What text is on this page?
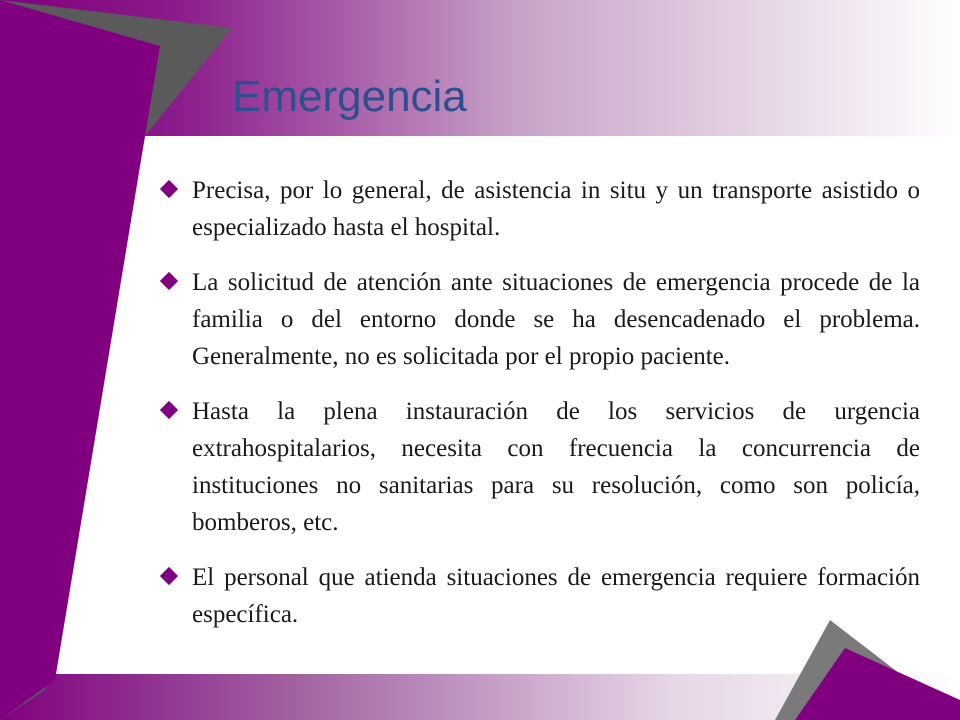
Emergencia
Precisa, por lo general, de asistencia in situ y un transporte asistido o especializado hasta el hospital.
La solicitud de atención ante situaciones de emergencia procede de la familia o del entorno donde se ha desencadenado el problema. Generalmente, no es solicitada por el propio paciente.
Hasta la plena instauración de los servicios de urgencia extrahospitalarios, necesita con frecuencia la concurrencia de instituciones no sanitarias para su resolución, como son policía, bomberos, etc.
El personal que atienda situaciones de emergencia requiere formación específica.
